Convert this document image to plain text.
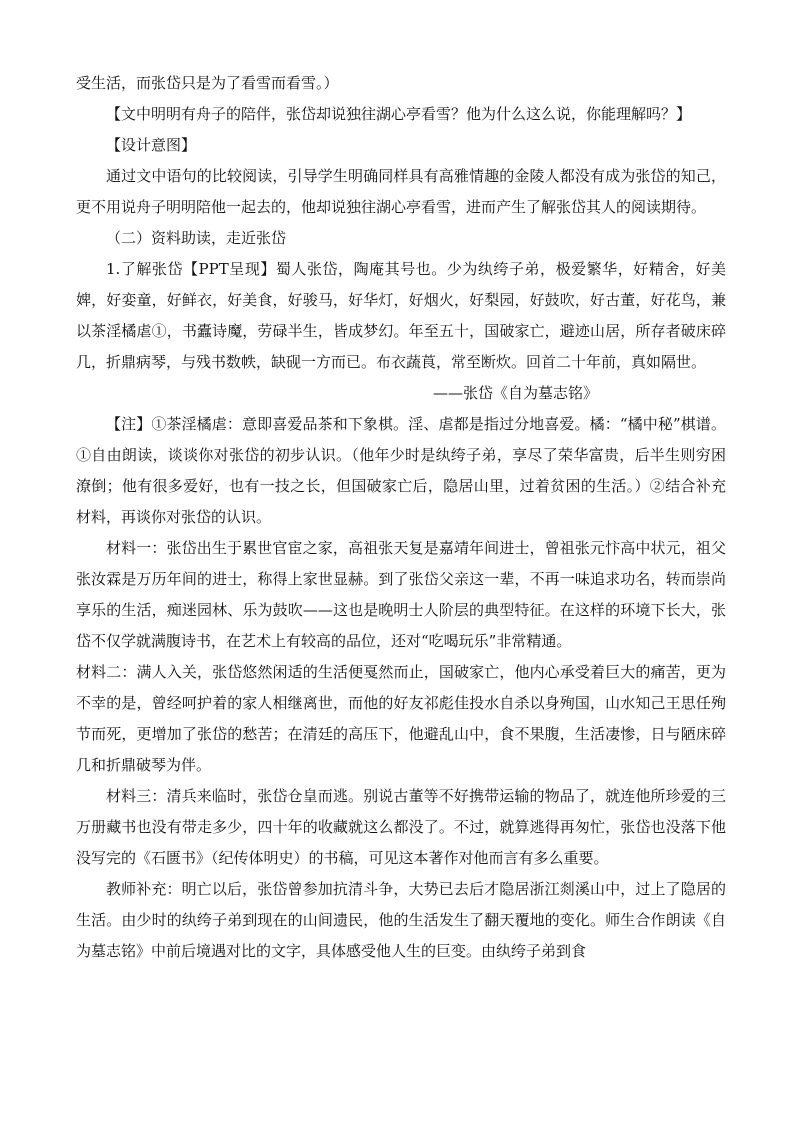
受生活，而张岱只是为了看雪而看雪。）

【文中明明有舟子的陪伴，张岱却说独往湖心亭看雪？他为什么这么说，你能理解吗？】

【设计意图】

通过文中语句的比较阅读，引导学生明确同样具有高雅情趣的金陵人都没有成为张岱的知己，更不用说舟子明明陪他一起去的，他却说独往湖心亭看雪，进而产生了解张岱其人的阅读期待。

（二）资料助读，走近张岱

1.了解张岱【PPT呈现】蜀人张岱，陶庵其号也。少为纨绔子弟，极爱繁华，好精舍，好美婢，好娈童，好鲜衣，好美食，好骏马，好华灯，好烟火，好梨园，好鼓吹，好古董，好花鸟，兼以茶淫橘虐①，书蠹诗魔，劳碌半生，皆成梦幻。年至五十，国破家亡，避迹山居，所存者破床碎几，折鼎病琴，与残书数帙，缺砚一方而已。布衣蔬莨，常至断炊。回首二十年前，真如隔世。

——张岱《自为墓志铭》

【注】①茶淫橘虐：意即喜爱品茶和下象棋。淫、虐都是指过分地喜爱。橘：“橘中秘”棋谱。①自由朗读，谈谈你对张岱的初步认识。（他年少时是纨绔子弟，享尽了荣华富贵，后半生则穷困潦倒；他有很多爱好，也有一技之长，但国破家亡后，隐居山里，过着贫困的生活。）②结合补充材料，再谈你对张岱的认识。

材料一：张岱出生于累世官宦之家，高祖张天复是嘉靖年间进士，曾祖张元忭高中状元，祖父张汝霖是万历年间的进士，称得上家世显赫。到了张岱父亲这一辈，不再一味追求功名，转而崇尚享乐的生活，痴迷园林、乐为鼓吹——这也是晚明士人阶层的典型特征。在这样的环境下长大，张岱不仅学就满腹诗书，在艺术上有较高的品位，还对“吃喝玩乐”非常精通。

材料二：满人入关，张岱悠然闲适的生活便戛然而止，国破家亡，他内心承受着巨大的痛苦，更为不幸的是，曾经呵护着的家人相继离世，而他的好友祁彪佳投水自杀以身殉国，山水知己王思任殉节而死，更增加了张岱的愁苦；在清廷的高压下，他避乱山中，食不果腹，生活凄惨，日与陋床碎几和折鼎破琴为伴。

材料三：清兵来临时，张岱仓皇而逃。别说古董等不好携带运输的物品了，就连他所珍爱的三万册藏书也没有带走多少，四十年的收藏就这么都没了。不过，就算逃得再匆忙，张岱也没落下他没写完的《石匮书》（纪传体明史）的书稿，可见这本著作对他而言有多么重要。

教师补充：明亡以后，张岱曾参加抗清斗争，大势已去后才隐居浙江剡溪山中，过上了隐居的生活。由少时的纨绔子弟到现在的山间遗民，他的生活发生了翻天覆地的变化。师生合作朗读《自为墓志铭》中前后境遇对比的文字，具体感受他人生的巨变。由纨绔子弟到食
